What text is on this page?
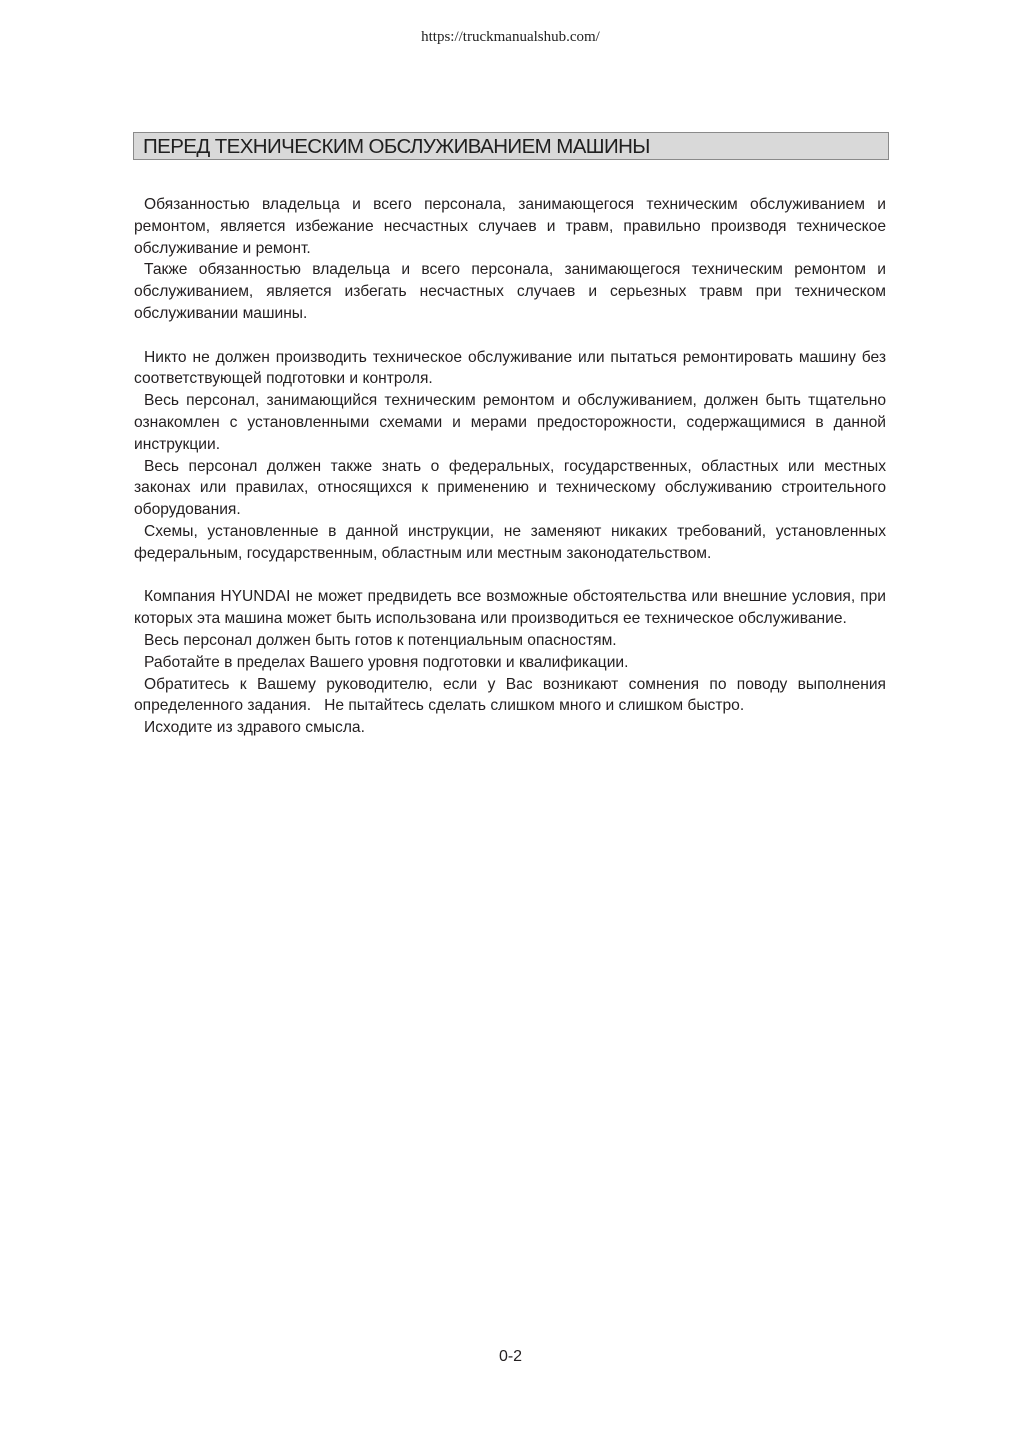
https://truckmanualshub.com/
ПЕРЕД ТЕХНИЧЕСКИМ ОБСЛУЖИВАНИЕМ МАШИНЫ

Обязанностью владельца и всего персонала, занимающегося техническим обслуживанием и ремонтом, является избежание несчастных случаев и травм, правильно производя техническое обслуживание и ремонт.

Также обязанностью владельца и всего персонала, занимающегося техническим ремонтом и обслуживанием, является избегать несчастных случаев и серьезных травм при техническом обслуживании машины.

Никто не должен производить техническое обслуживание или пытаться ремонтировать машину без соответствующей подготовки и контроля.

Весь персонал, занимающийся техническим ремонтом и обслуживанием, должен быть тщательно ознакомлен с установленными схемами и мерами предосторожности, содержащимися в данной инструкции.

Весь персонал должен также знать о федеральных, государственных, областных или местных законах или правилах, относящихся к применению и техническому обслуживанию строительного оборудования.

Схемы, установленные в данной инструкции, не заменяют никаких требований, установленных федеральным, государственным, областным или местным законодательством.

Компания HYUNDAI не может предвидеть все возможные обстоятельства или внешние условия, при которых эта машина может быть использована или производиться ее техническое обслуживание.

Весь персонал должен быть готов к потенциальным опасностям.

Работайте в пределах Вашего уровня подготовки и квалификации.

Обратитесь к Вашему руководителю, если у Вас возникают сомнения по поводу выполнения определенного задания.   Не пытайтесь сделать слишком много и слишком быстро.

Исходите из здравого смысла.

0-2
